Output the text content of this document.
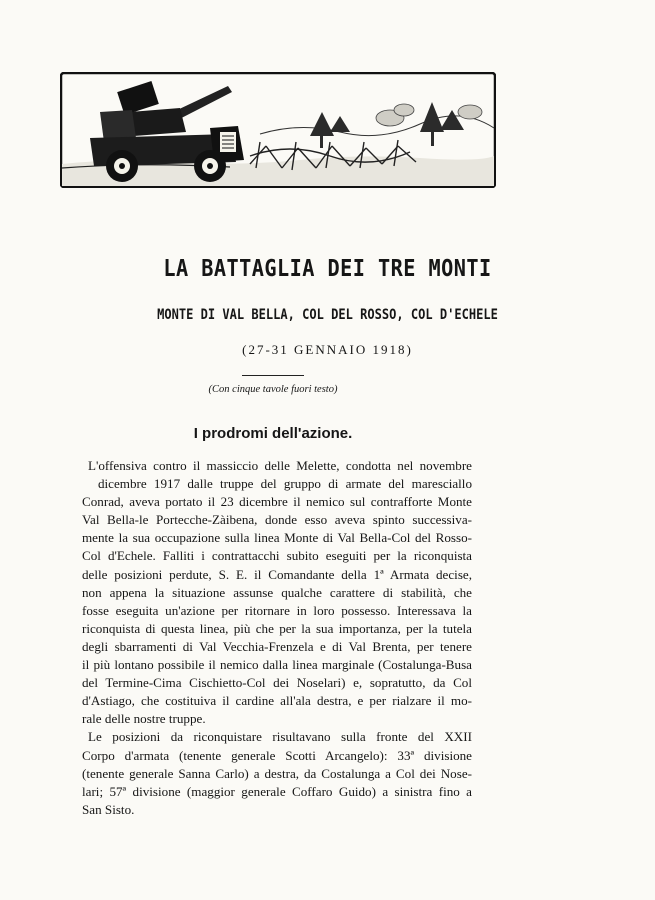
LA BATTAGLIA DEI TRE MONTI
MONTE DI VAL BELLA, COL DEL ROSSO, COL D'ECHELE
(27-31 GENNAIO 1918)
(Con cinque tavole fuori testo)
I prodromi dell'azione.
L'offensiva contro il massiccio delle Melette, condotta nel novembre
dicembre 1917 dalle truppe del gruppo di armate del maresciallo
Conrad, aveva portato il 23 dicembre il nemico sul contrafforte Monte
Val Bella-le Portecche-Zàibena, donde esso aveva spinto successiva-
mente la sua occupazione sulla linea Monte di Val Bella-Col del Rosso-
Col d'Echele. Falliti i contrattacchi subito eseguiti per la riconquista
delle posizioni perdute, S. E. il Comandante della 1ª Armata decise,
non appena la situazione assunse qualche carattere di stabilità, che
fosse eseguita un'azione per ritornare in loro possesso. Interessava la
riconquista di questa linea, più che per la sua importanza, per la tutela
degli sbarramenti di Val Vecchia-Frenzela e di Val Brenta, per tenere
il più lontano possibile il nemico dalla linea marginale (Costalunga-Busa
del Termine-Cima Cischietto-Col dei Noselari) e, sopratutto, da Col
d'Astiago, che costituiva il cardine all'ala destra, e per rialzare il mo-
rale delle nostre truppe.
Le posizioni da riconquistare risultavano sulla fronte del XXII
Corpo d'armata (tenente generale Scotti Arcangelo): 33ª divisione
(tenente generale Sanna Carlo) a destra, da Costalunga a Col dei Nose-
lari; 57ª divisione (maggior generale Coffaro Guido) a sinistra fino a
San Sisto.
